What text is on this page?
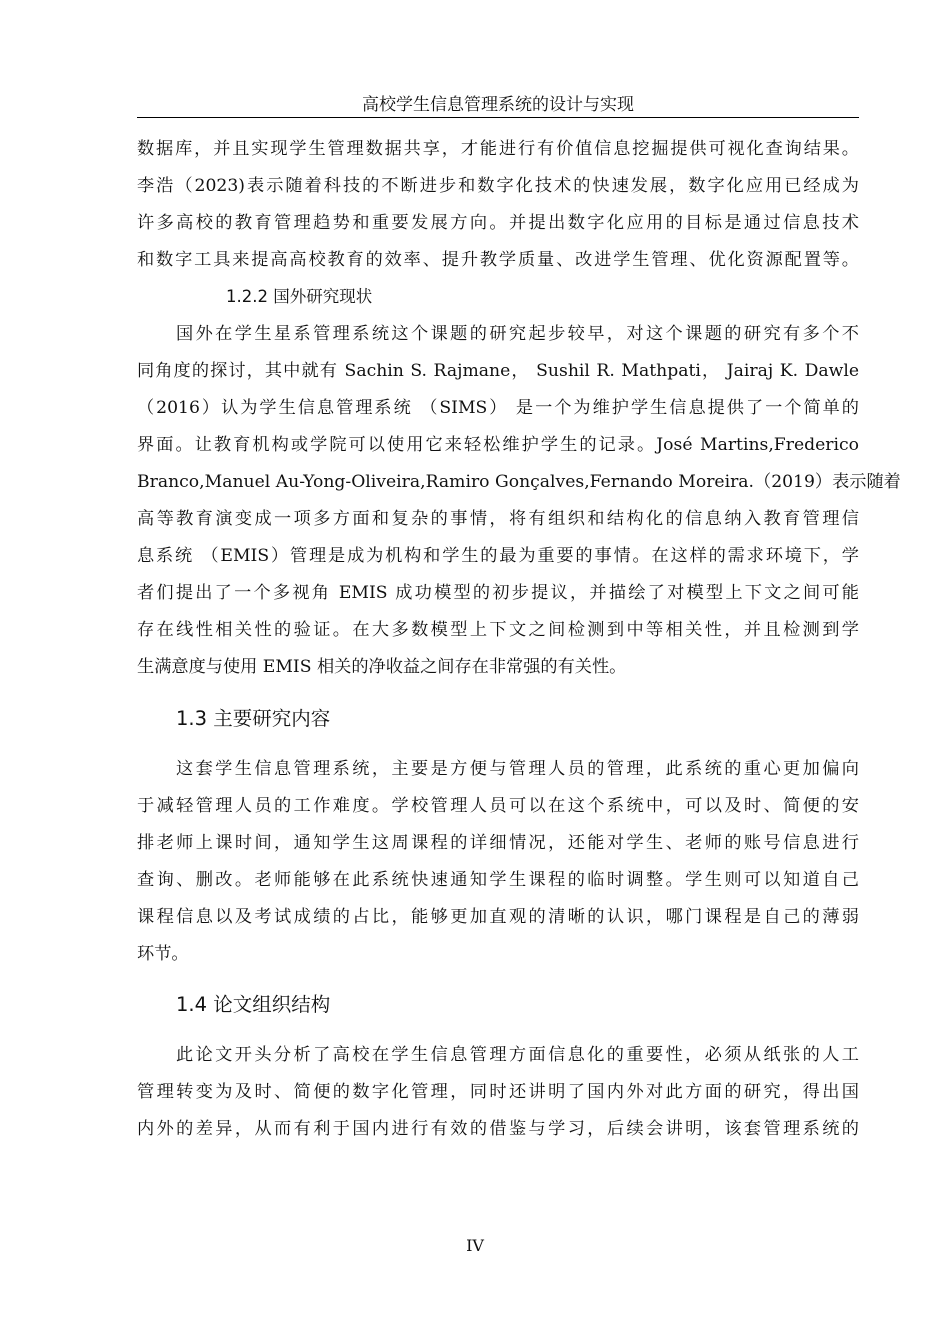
高校学生信息管理系统的设计与实现
数据库，并且实现学生管理数据共享，才能进行有价值信息挖掘提供可视化查询结果。
李浩（2023)表示随着科技的不断进步和数字化技术的快速发展，数字化应用已经成为
许多高校的教育管理趋势和重要发展方向。并提出数字化应用的目标是通过信息技术
和数字工具来提高高校教育的效率、提升教学质量、改进学生管理、优化资源配置等。
1.2.2 国外研究现状
国外在学生星系管理系统这个课题的研究起步较早，对这个课题的研究有多个不
同角度的探讨，其中就有 Sachin S. Rajmane， Sushil R. Mathpati， Jairaj K. Dawle
（2016）认为学生信息管理系统 （SIMS） 是一个为维护学生信息提供了一个简单的
界面。让教育机构或学院可以使用它来轻松维护学生的记录。José Martins,Frederico
Branco,Manuel Au-Yong-Oliveira,Ramiro Gonçalves,Fernando Moreira.（2019）表示随着
高等教育演变成一项多方面和复杂的事情，将有组织和结构化的信息纳入教育管理信
息系统 （EMIS）管理是成为机构和学生的最为重要的事情。在这样的需求环境下，学
者们提出了一个多视角 EMIS 成功模型的初步提议，并描绘了对模型上下文之间可能
存在线性相关性的验证。在大多数模型上下文之间检测到中等相关性，并且检测到学
生满意度与使用 EMIS 相关的净收益之间存在非常强的有关性。
1.3 主要研究内容
这套学生信息管理系统，主要是方便与管理人员的管理，此系统的重心更加偏向
于减轻管理人员的工作难度。学校管理人员可以在这个系统中，可以及时、简便的安
排老师上课时间，通知学生这周课程的详细情况，还能对学生、老师的账号信息进行
查询、删改。老师能够在此系统快速通知学生课程的临时调整。学生则可以知道自己
课程信息以及考试成绩的占比，能够更加直观的清晰的认识，哪门课程是自己的薄弱
环节。
1.4 论文组织结构
此论文开头分析了高校在学生信息管理方面信息化的重要性，必须从纸张的人工
管理转变为及时、简便的数字化管理，同时还讲明了国内外对此方面的研究，得出国
内外的差异，从而有利于国内进行有效的借鉴与学习，后续会讲明，该套管理系统的
IV
